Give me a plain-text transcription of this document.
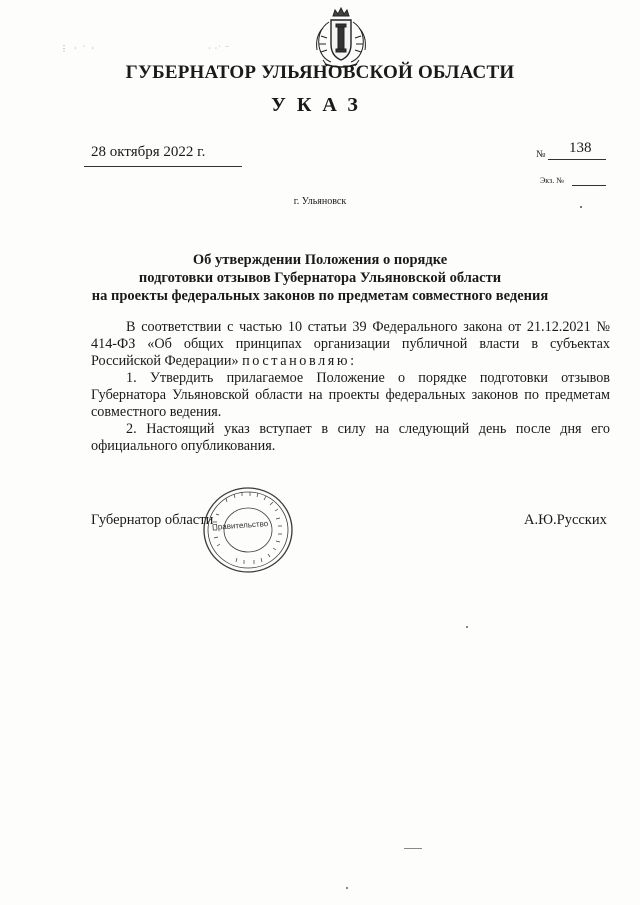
⋮ · ˙ ·	· ·˙ ⁻
ГУБЕРНАТОР УЛЬЯНОВСКОЙ ОБЛАСТИ
УКАЗ
28 октября 2022 г.	№ 138
Экз. №
г. Ульяновск
Об утверждении Положения о порядке
подготовки отзывов Губернатора Ульяновской области
на проекты федеральных законов по предметам совместного ведения

В соответствии с частью 10 статьи 39 Федерального закона от 21.12.2021 № 414-ФЗ «Об общих принципах организации публичной власти в субъектах Российской Федерации» постановляю:

1. Утвердить прилагаемое Положение о порядке подготовки отзывов Губернатора Ульяновской области на проекты федеральных законов по предметам совместного ведения.

2. Настоящий указ вступает в силу на следующий день после дня его официального опубликования.

Губернатор области	А.Ю.Русских
Правительство
